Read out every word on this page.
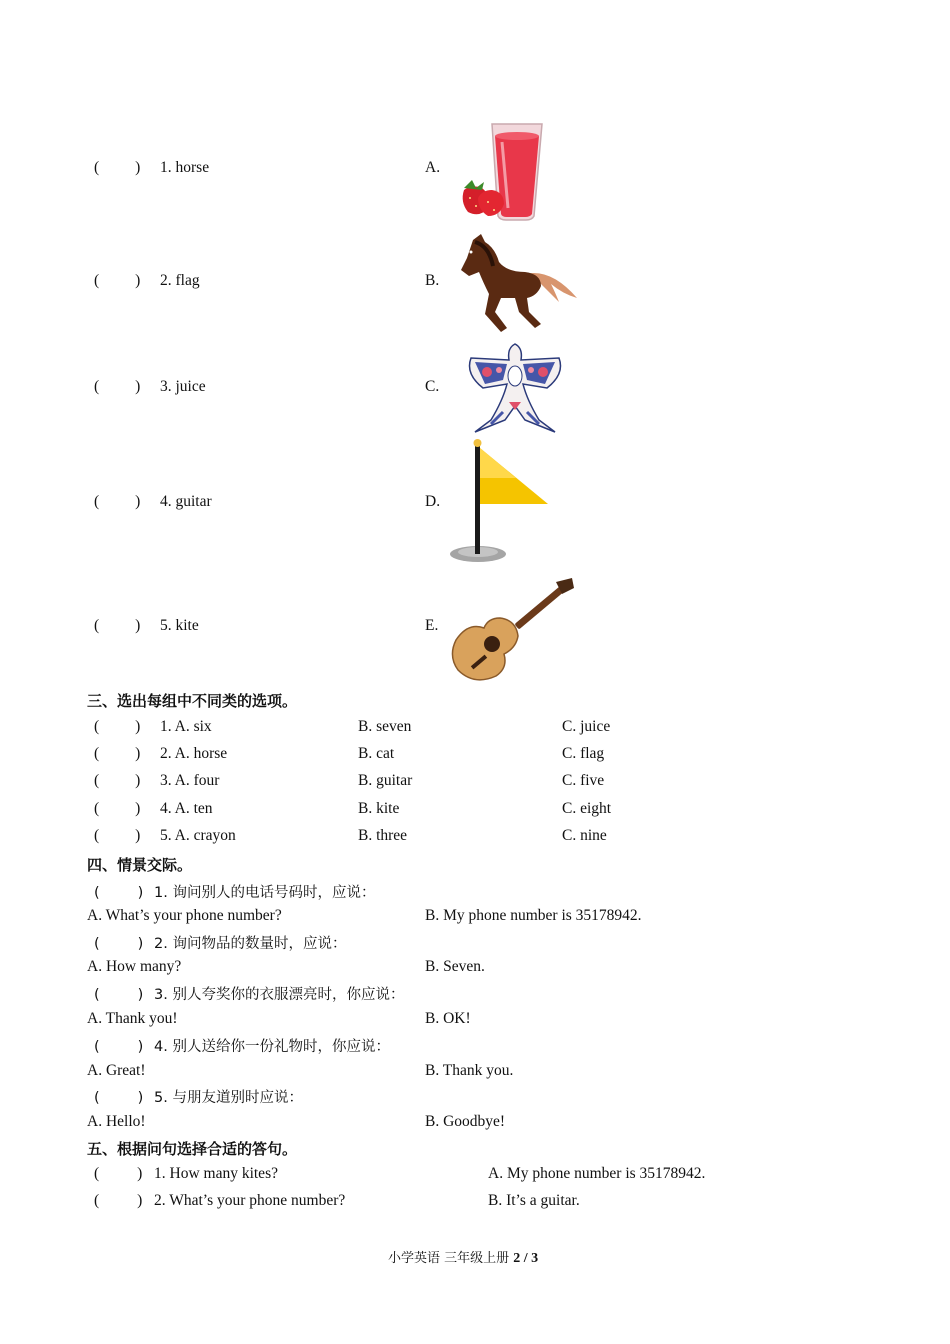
( ) 1. horse	A.
( ) 2. flag	B.
( ) 3. juice	C.
( ) 4. guitar	D.
( ) 5. kite	E.
三、选出每组中不同类的选项。
( ) 1. A. six	B. seven	C. juice
( ) 2. A. horse	B. cat	C. flag
( ) 3. A. four	B. guitar	C. five
( ) 4. A. ten	B. kite	C. eight
( ) 5. A. crayon	B. three	C. nine
四、情景交际。
(	) 1. 询问别人的电话号码时，应说：
A. What’s your phone number?	B. My phone number is 35178942.
(	) 2. 询问物品的数量时，应说：
A. How many?	B. Seven.
(	) 3. 别人夸奖你的衣服漂亮时，你应说：
A. Thank you!	B. OK!
(	) 4. 别人送给你一份礼物时，你应说：
A. Great!	B. Thank you.
(	) 5. 与朋友道别时应说：
A. Hello!	B. Goodbye!
五、根据问句选择合适的答句。
( ) 1. How many kites?	A. My phone number is 35178942.
( ) 2. What’s your phone number?	B. It’s a guitar.
小学英语 三年级上册 2 / 3
